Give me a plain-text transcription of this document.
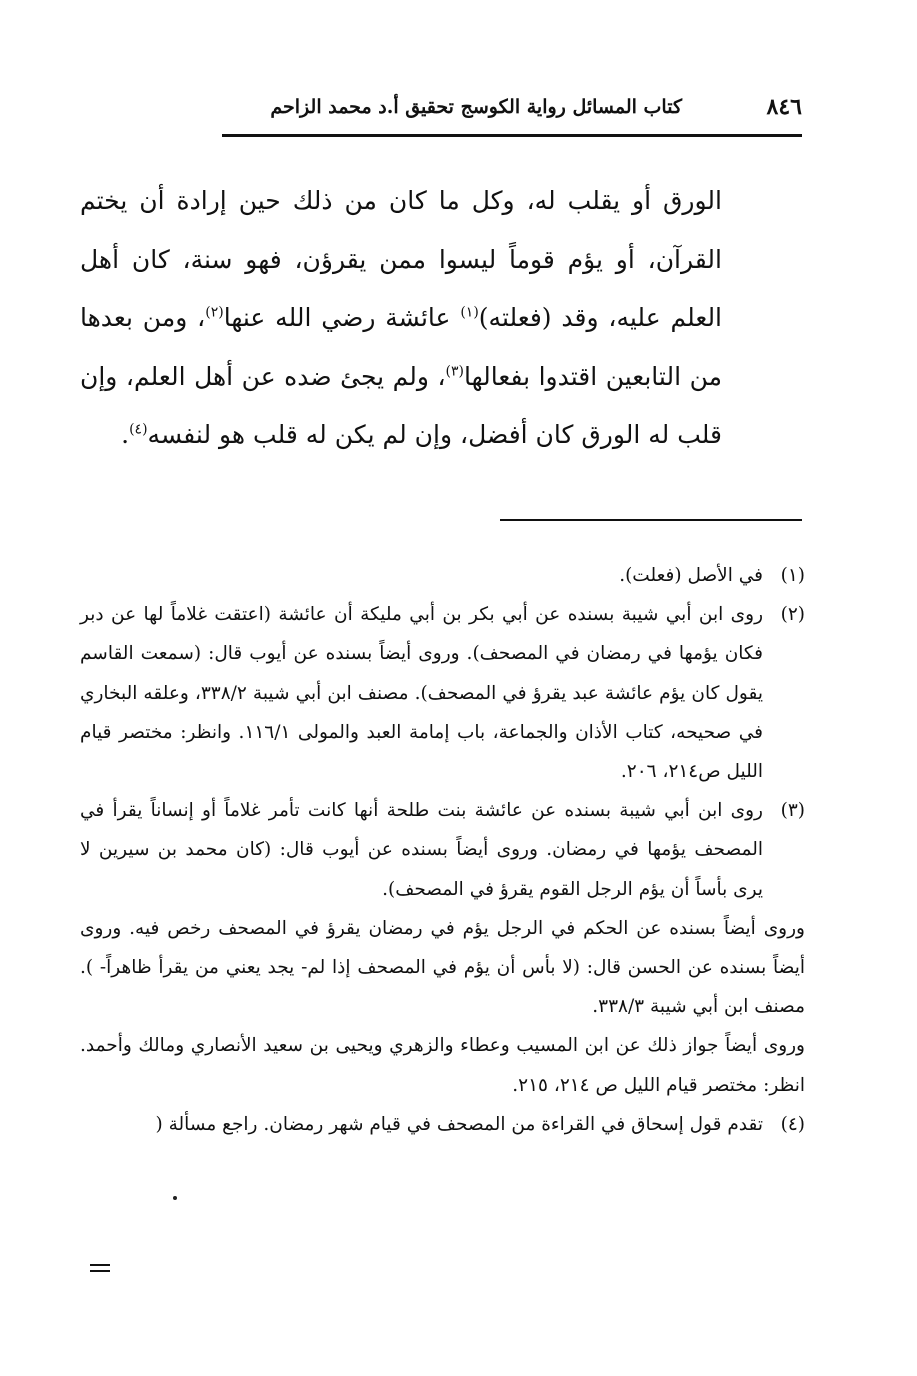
٨٤٦
كتاب المسائل رواية الكوسج تحقيق أ.د محمد الزاحم

الورق أو يقلب له، وكل ما كان من ذلك حين إرادة أن يختم القرآن، أو يؤم قوماً ليسوا ممن يقرؤن، فهو سنة، كان أهل العلم عليه، وقد (فعلته)$^{(١)}$ عائشة رضي الله عنها$^{(٢)}$، ومن بعدها من التابعين اقتدوا بفعالها$^{(٣)}$، ولم يجئ ضده عن أهل العلم، وإن قلب له الورق كان أفضل، وإن لم يكن له قلب هو لنفسه$^{(٤)}$.

(١)في الأصل (فعلت).

(٢)روى ابن أبي شيبة بسنده عن أبي بكر بن أبي مليكة أن عائشة (اعتقت غلاماً لها عن دبر فكان يؤمها في رمضان في المصحف). وروى أيضاً بسنده عن أيوب قال: (سمعت القاسم يقول كان يؤم عائشة عبد يقرؤ في المصحف). مصنف ابن أبي شيبة ٣٣٨/٢، وعلقه البخاري في صحيحه، كتاب الأذان والجماعة، باب إمامة العبد والمولى ١١٦/١. وانظر: مختصر قيام الليل ص٢١٤، ٢٠٦.

(٣)روى ابن أبي شيبة بسنده عن عائشة بنت طلحة أنها كانت تأمر غلاماً أو إنساناً يقرأ في المصحف يؤمها في رمضان. وروى أيضاً بسنده عن أيوب قال: (كان محمد بن سيرين لا يرى بأساً أن يؤم الرجل القوم يقرؤ في المصحف).

وروى أيضاً بسنده عن الحكم في الرجل يؤم في رمضان يقرؤ في المصحف رخص فيه. وروى أيضاً بسنده عن الحسن قال: (لا بأس أن يؤم في المصحف إذا لم- يجد يعني من يقرأ ظاهراً- ). مصنف ابن أبي شيبة ٣٣٨/٣.

وروى أيضاً جواز ذلك عن ابن المسيب وعطاء والزهري ويحيى بن سعيد الأنصاري ومالك وأحمد. انظر: مختصر قيام الليل ص ٢١٤، ٢١٥.

(٤)تقدم قول إسحاق في القراءة من المصحف في قيام شهر رمضان. راجع مسألة (
